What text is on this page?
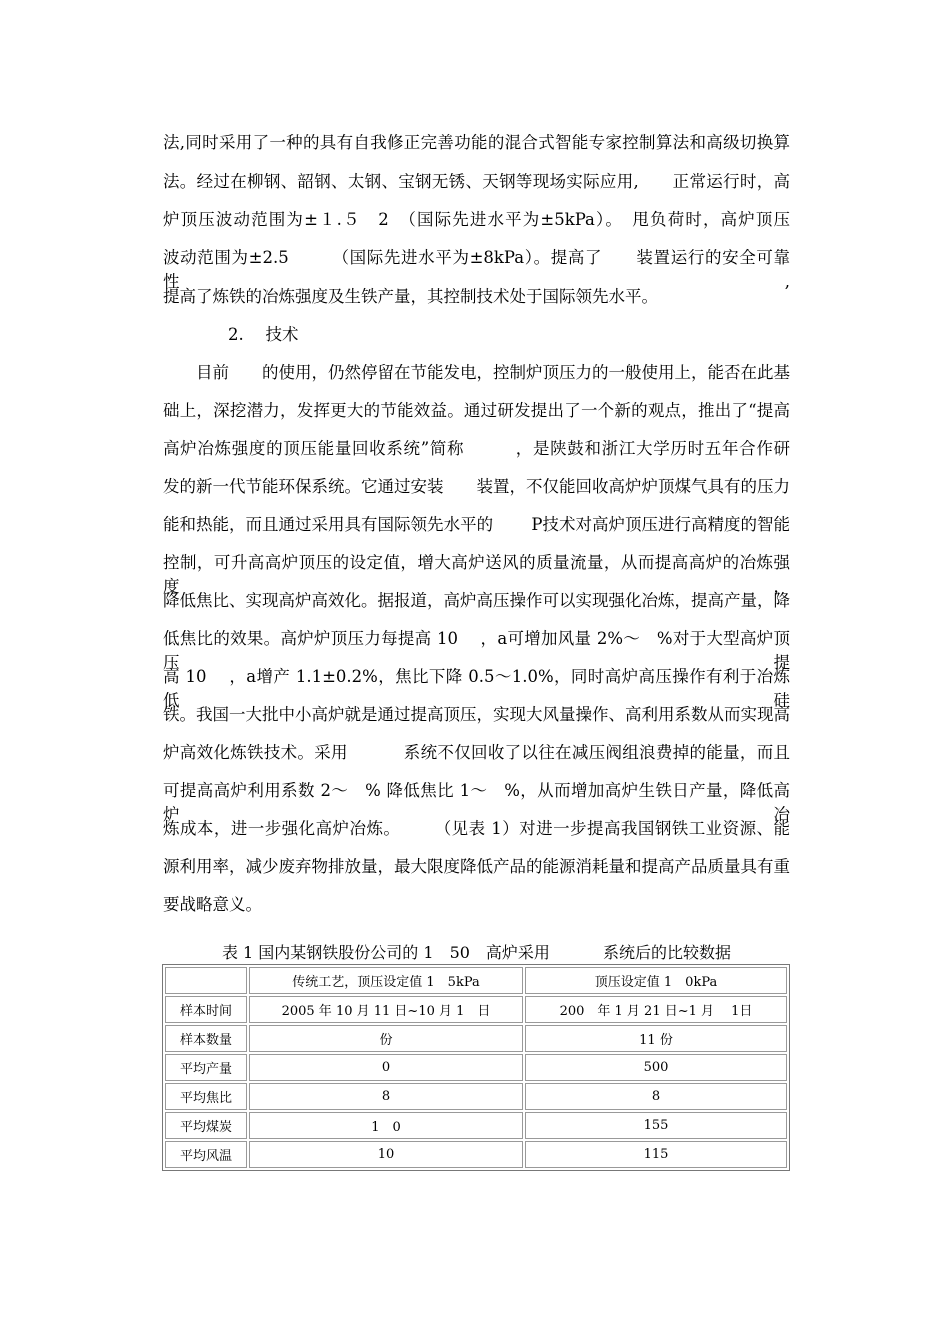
法,同时采用了一种的具有自我修正完善功能的混合式智能专家控制算法和高级切换算
法。经过在柳钢、韶钢、太钢、宝钢无锈、天钢等现场实际应用,　　正常运行时，高
炉顶压波动范围为±１.５　2　（国际先进水平为±5kPa）。　甩负荷时，高炉顶压
波动范围为±2.5　　　（国际先进水平为±8kPa）。提高了　　装置运行的安全可靠性,
提高了炼铁的冶炼强度及生铁产量，其控制技术处于国际领先水平。
2.　 技术
目前　　的使用，仍然停留在节能发电，控制炉顶压力的一般使用上，能否在此基
础上，深挖潜力，发挥更大的节能效益。通过研发提出了一个新的观点，推出了“提高
高炉冶炼强度的顶压能量回收系统”简称　　　，是陕鼓和浙江大学历时五年合作研
发的新一代节能环保系统。它通过安装　　装置，不仅能回收高炉炉顶煤气具有的压力
能和热能，而且通过采用具有国际领先水平的　　 P技术对高炉顶压进行高精度的智能
控制，可升高高炉顶压的设定值，增大高炉送风的质量流量，从而提高高炉的冶炼强度，
降低焦比、实现高炉高效化。据报道，高炉高压操作可以实现强化冶炼，提高产量，降
低焦比的效果。高炉炉顶压力每提高 10　 ，a可增加风量 2%～　%对于大型高炉顶压提
高 10　 ，a增产 1.1±0.2%，焦比下降 0.5～1.0%，同时高炉高压操作有利于冶炼低硅
铁。我国一大批中小高炉就是通过提高顶压，实现大风量操作、高利用系数从而实现高
炉高效化炼铁技术。采用　　　 系统不仅回收了以往在减压阀组浪费掉的能量，而且
可提高高炉利用系数 2～　% 降低焦比 1～　%，从而增加高炉生铁日产量，降低高炉冶
炼成本，进一步强化高炉冶炼。　　　（见表 1）对进一步提高我国钢铁工业资源、能
源利用率，减少废弃物排放量，最大限度降低产品的能源消耗量和提高产品质量具有重
要战略意义。
表 1 国内某钢铁股份公司的 1　50　高炉采用　　　 系统后的比较数据
	传统工艺，顶压设定值 1　5kPa	顶压设定值 1　0kPa
样本时间	2005 年 10 月 11 日~10 月 1　日	200　年 1 月 21 日~1 月　 1日
样本数量	份	11 份
平均产量	0	500
平均焦比	8	8
平均煤炭	1　0	155
平均风温	10	115
